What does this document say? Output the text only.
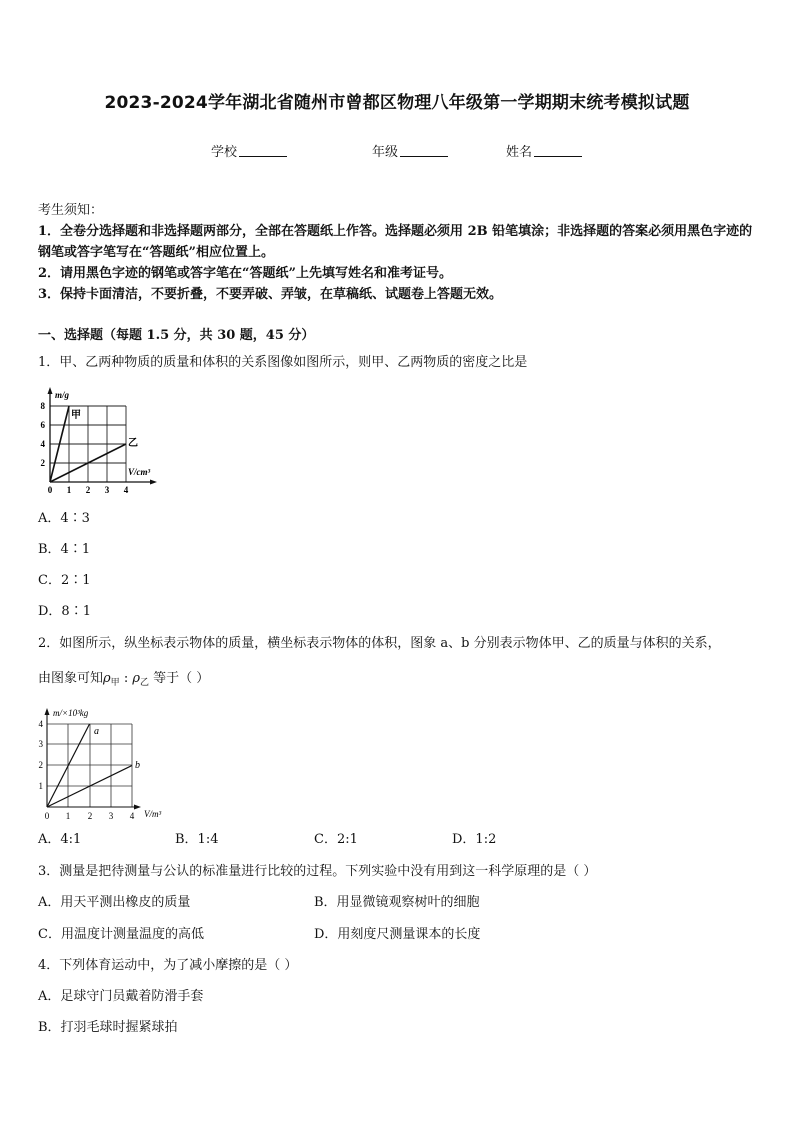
2023-2024学年湖北省随州市曾都区物理八年级第一学期期末统考模拟试题
学校	年级	姓名
考生须知：
1．全卷分选择题和非选择题两部分，全部在答题纸上作答。选择题必须用 2B 铅笔填涂；非选择题的答案必须用黑色字迹的钢笔或答字笔写在“答题纸”相应位置上。
2．请用黑色字迹的钢笔或答字笔在“答题纸”上先填写姓名和准考证号。
3．保持卡面清洁，不要折叠，不要弄破、弄皱，在草稿纸、试题卷上答题无效。
一、选择题（每题 1.5 分，共 30 题，45 分）
1．甲、乙两种物质的质量和体积的关系图像如图所示，则甲、乙两物质的密度之比是
m/g
V/cm³
0 1 2 3 4
2
4
6
8
甲
乙
A．4∶3
B．4∶1
C．2∶1
D．8∶1
2．如图所示，纵坐标表示物体的质量，横坐标表示物体的体积，图象 a、b 分别表示物体甲、乙的质量与体积的关系，
由图象可知$\rho_甲$ : $\rho_乙$ 等于（ ）
m/×10³kg
V/m³
0 1 2 3 4
1
2
3
4
a
b
A．4:1	B．1:4	C．2:1	D．1:2
3．测量是把待测量与公认的标准量进行比较的过程。下列实验中没有用到这一科学原理的是（ ）
A．用天平测出橡皮的质量	B．用显微镜观察树叶的细胞
C．用温度计测量温度的高低	D．用刻度尺测量课本的长度
4．下列体育运动中，为了减小摩擦的是（ ）
A．足球守门员戴着防滑手套
B．打羽毛球时握紧球拍
